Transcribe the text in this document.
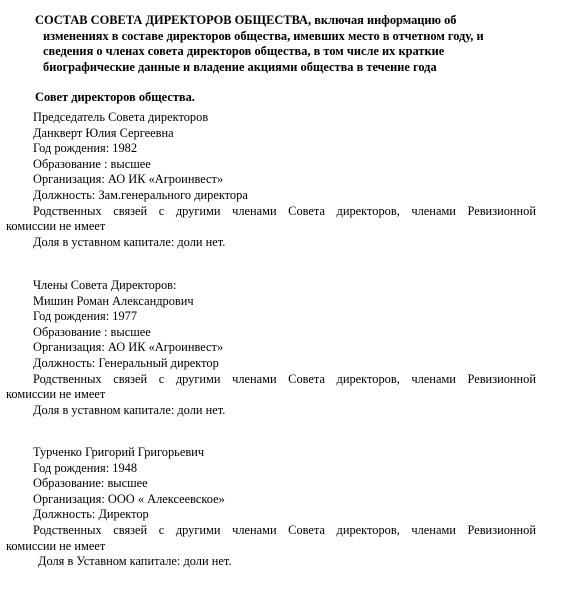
СОСТАВ СОВЕТА ДИРЕКТОРОВ ОБЩЕСТВА, включая информацию об
изменениях в составе директоров общества, имевших место в отчетном году, и
сведения о членах совета директоров общества, в том числе их краткие
биографические данные и владение акциями общества в течение года
Совет директоров общества.
Председатель Совета директоров
Данкверт Юлия Сергеевна
Год рождения: 1982
Образование : высшее
Организация: АО ИК «Агроинвест»
Должность: Зам.генерального директора
Родственных связей с другими членами Совета директоров, членами Ревизионной
комиссии не имеет
Доля в уставном капитале: доли нет.
Члены Совета Директоров:
Мишин Роман Александрович
Год рождения: 1977
Образование : высшее
Организация: АО ИК «Агроинвест»
Должность: Генеральный директор
Родственных связей с другими членами Совета директоров, членами Ревизионной
комиссии не имеет
Доля в уставном капитале: доли нет.
Турченко Григорий Григорьевич
Год рождения: 1948
Образование: высшее
Организация: ООО « Алексеевское»
Должность: Директор
Родственных связей с другими членами Совета директоров, членами Ревизионной
комиссии не имеет
Доля в Уставном капитале: доли нет.
